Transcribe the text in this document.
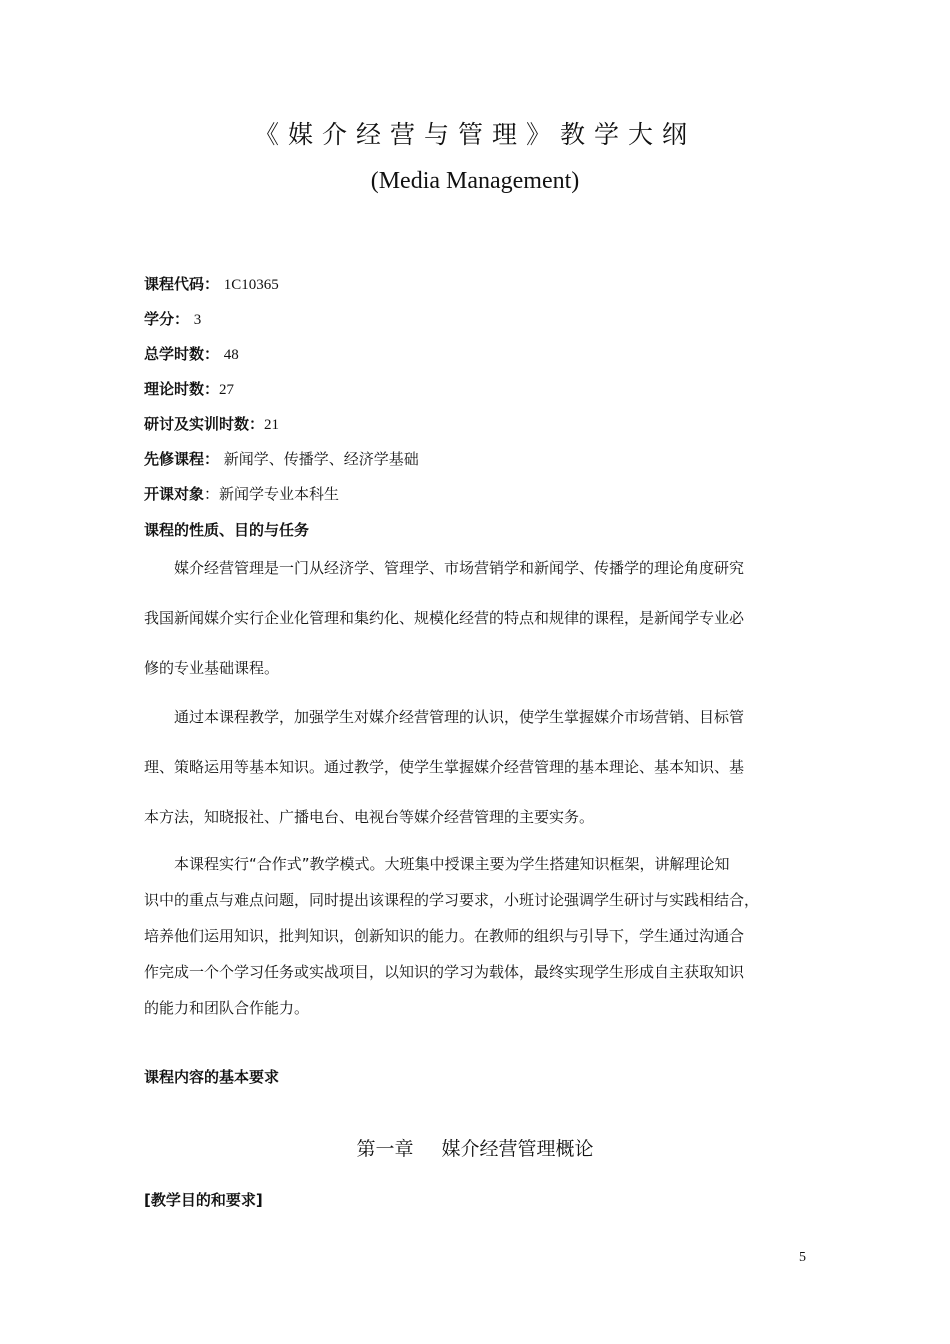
《媒介经营与管理》教学大纲
(Media Management)
课程代码： 1C10365
学分： 3
总学时数： 48
理论时数：27
研讨及实训时数：21
先修课程： 新闻学、传播学、经济学基础
开课对象：新闻学专业本科生
课程的性质、目的与任务
　　媒介经营管理是一门从经济学、管理学、市场营销学和新闻学、传播学的理论角度研究
我国新闻媒介实行企业化管理和集约化、规模化经营的特点和规律的课程，是新闻学专业必
修的专业基础课程。
　　通过本课程教学，加强学生对媒介经营管理的认识，使学生掌握媒介市场营销、目标管
理、策略运用等基本知识。通过教学，使学生掌握媒介经营管理的基本理论、基本知识、基
本方法，知晓报社、广播电台、电视台等媒介经营管理的主要实务。
　　本课程实行“合作式”教学模式。大班集中授课主要为学生搭建知识框架，讲解理论知
识中的重点与难点问题，同时提出该课程的学习要求，小班讨论强调学生研讨与实践相结合，
培养他们运用知识，批判知识，创新知识的能力。在教师的组织与引导下，学生通过沟通合
作完成一个个学习任务或实战项目，以知识的学习为载体，最终实现学生形成自主获取知识
的能力和团队合作能力。
课程内容的基本要求
第一章 媒介经营管理概论
[教学目的和要求]
5
